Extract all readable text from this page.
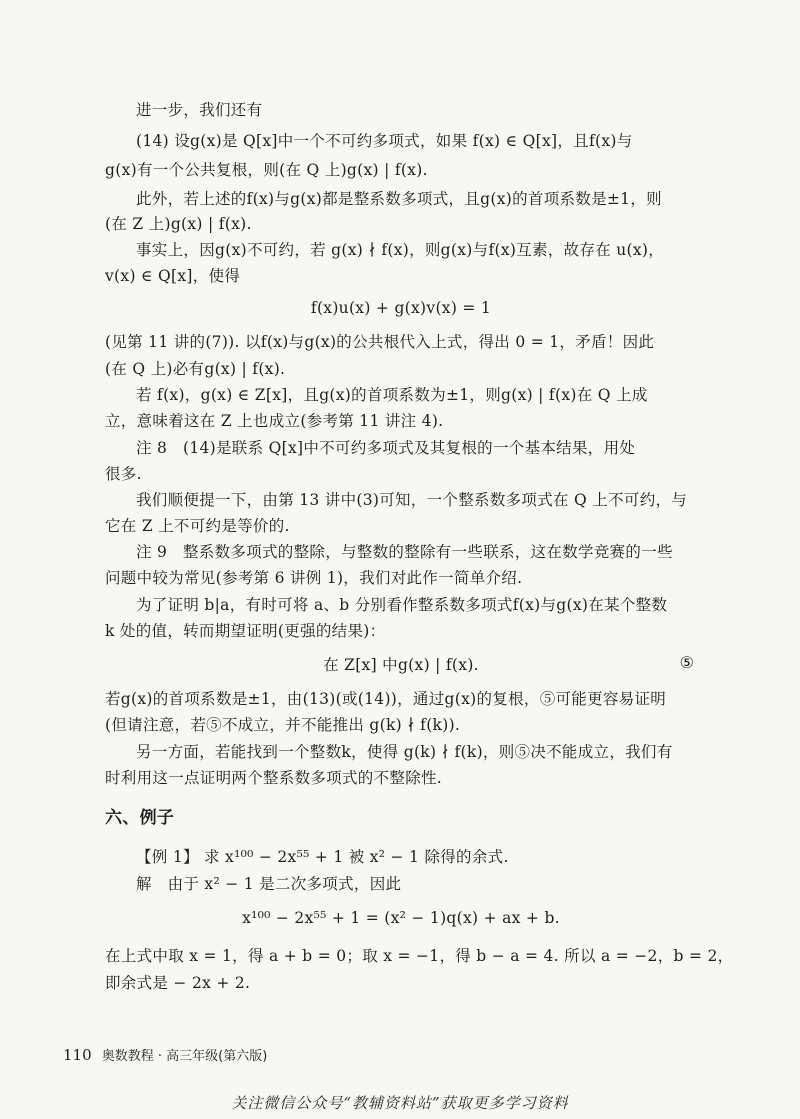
进一步，我们还有
(14) 设g(x)是 Q[x]中一个不可约多项式，如果 f(x) ∈ Q[x]，且f(x)与
g(x)有一个公共复根，则(在 Q 上)g(x) | f(x).
此外，若上述的f(x)与g(x)都是整系数多项式，且g(x)的首项系数是±1，则
(在 Z 上)g(x) | f(x).
事实上，因g(x)不可约，若 g(x) ∤ f(x)，则g(x)与f(x)互素，故存在 u(x)，
v(x) ∈ Q[x]，使得
f(x)u(x) + g(x)v(x) = 1
(见第 11 讲的(7)). 以f(x)与g(x)的公共根代入上式，得出 0 = 1，矛盾！因此
(在 Q 上)必有g(x) | f(x).
若 f(x)，g(x) ∈ Z[x]，且g(x)的首项系数为±1，则g(x) | f(x)在 Q 上成
立，意味着这在 Z 上也成立(参考第 11 讲注 4).
注 8　(14)是联系 Q[x]中不可约多项式及其复根的一个基本结果，用处
很多.
我们顺便提一下，由第 13 讲中(3)可知，一个整系数多项式在 Q 上不可约，与
它在 Z 上不可约是等价的.
注 9　整系数多项式的整除，与整数的整除有一些联系，这在数学竞赛的一些
问题中较为常见(参考第 6 讲例 1)，我们对此作一简单介绍.
为了证明 b|a，有时可将 a、b 分别看作整系数多项式f(x)与g(x)在某个整数
k 处的值，转而期望证明(更强的结果)：
在 Z[x] 中g(x) | f(x).	⑤
若g(x)的首项系数是±1，由(13)(或(14))，通过g(x)的复根，⑤可能更容易证明
(但请注意，若⑤不成立，并不能推出 g(k) ∤ f(k)).
另一方面，若能找到一个整数k，使得 g(k) ∤ f(k)，则⑤决不能成立，我们有
时利用这一点证明两个整系数多项式的不整除性.
六、例子
【例 1】 求 x¹⁰⁰ − 2x⁵⁵ + 1 被 x² − 1 除得的余式.
解　由于 x² − 1 是二次多项式，因此
x¹⁰⁰ − 2x⁵⁵ + 1 = (x² − 1)q(x) + ax + b.
在上式中取 x = 1，得 a + b = 0；取 x = −1，得 b − a = 4. 所以 a = −2，b = 2，
即余式是 − 2x + 2.
110 奥数教程 · 高三年级(第六版)
关注微信公众号“教辅资料站”获取更多学习资料
